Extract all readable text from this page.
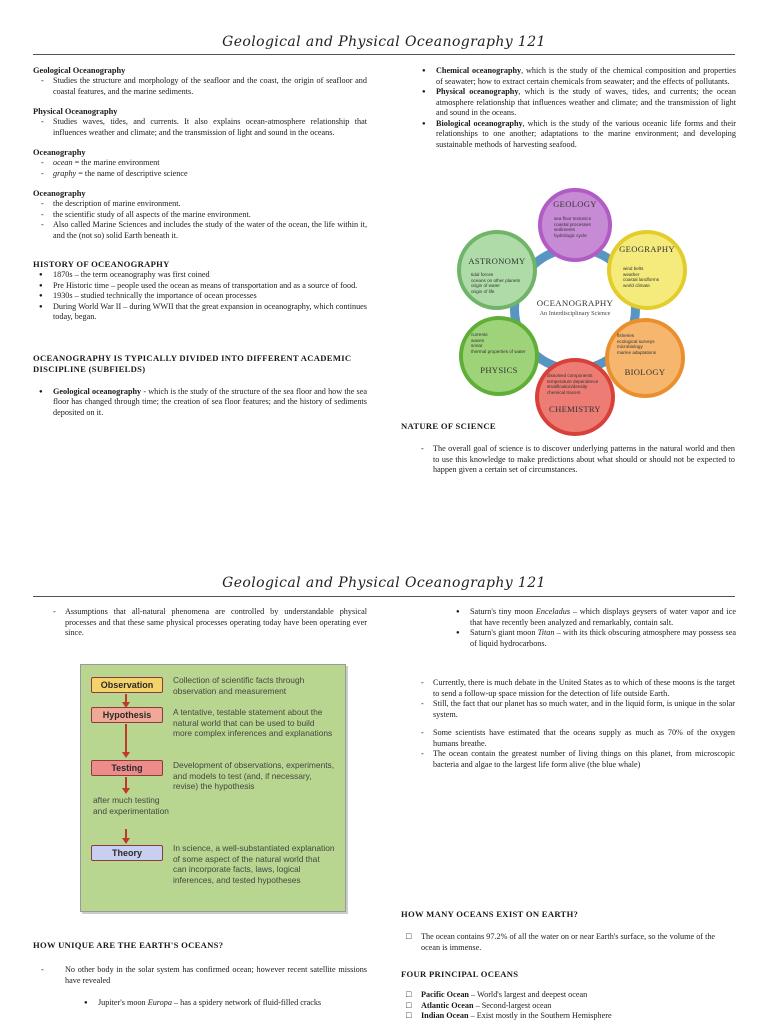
Geological and Physical Oceanography 121

Geological Oceanography

- Studies the structure and morphology of the seafloor and the coast, the origin of seafloor and coastal features, and the marine sediments.

Physical Oceanography

- Studies waves, tides, and currents. It also explains ocean-atmosphere relationship that influences weather and climate; and the transmission of light and sound in the oceans.

Oceanography

- ocean = the marine environment

- graphy = the name of descriptive science

Oceanography

- the description of marine environment.

- the scientific study of all aspects of the marine environment.

- Also called Marine Sciences and includes the study of the water of the ocean, the life within it, and the (not so) solid Earth beneath it.

HISTORY OF OCEANOGRAPHY

● 1870s – the term oceanography was first coined

● Pre Historic time – people used the ocean as means of transportation and as a source of food.

● 1930s – studied technically the importance of ocean processes

● During World War II – during WWII that the great expansion in oceanography, which continues today, began.

OCEANOGRAPHY IS TYPICALLY DIVIDED INTO DIFFERENT ACADEMIC DISCIPLINE (SUBFIELDS)

● Geological oceanography - which is the study of the structure of the sea floor and how the sea floor has changed through time; the creation of sea floor features; and the history of sediments deposited on it.

● Chemical oceanography, which is the study of the chemical composition and properties of seawater; how to extract certain chemicals from seawater; and the effects of pollutants.

● Physical oceanography, which is the study of waves, tides, and currents; the ocean atmosphere relationship that influences weather and climate; and the transmission of light and sound in the oceans.

● Biological oceanography, which is the study of the various oceanic life forms and their relationships to one another; adaptations to the marine environment; and developing sustainable methods of harvesting seafood.

GEOLOGY
sea floor tectonics
coastal processes
sediments
hydrologic cycle
GEOGRAPHY
wind belts
weather
coastal landforms
world climate
fisheries
ecological surveys
microbiology
marine adaptations
BIOLOGY
dissolved components
temperature dependence
stratification/density
chemical tracers
CHEMISTRY
currents
waves
sonar
thermal properties of water
PHYSICS
ASTRONOMY
tidal forces
oceans on other planets
origin of water
origin of life
OCEANOGRAPHY
An Interdisciplinary Science

NATURE OF SCIENCE

- The overall goal of science is to discover underlying patterns in the natural world and then to use this knowledge to make predictions about what should or should not be expected to happen given a certain set of circumstances.

Geological and Physical Oceanography 121

- Assumptions that all-natural phenomena are controlled by understandable physical processes and that these same physical processes operating today have been operating ever since.

Observation	Collection of scientific facts through observation and measurement
Hypothesis	A tentative, testable statement about the natural world that can be used to build more complex inferences and explanations
Testing	Development of observations, experiments, and models to test (and, if necessary, revise) the hypothesis
after much testing and experimentation
Theory	In science, a well-substantiated explanation of some aspect of the natural world that can incorporate facts, laws, logical inferences, and tested hypotheses

HOW UNIQUE ARE THE EARTH'S OCEANS?

- No other body in the solar system has confirmed ocean; however recent satellite missions have revealed

● Jupiter's moon Europa – has a spidery network of fluid-filled cracks

● Saturn's tiny moon Enceladus – which displays geysers of water vapor and ice that have recently been analyzed and remarkably, contain salt.

● Saturn's giant moon Titan – with its thick obscuring atmosphere may possess sea of liquid hydrocarbons.

- Currently, there is much debate in the United States as to which of these moons is the target to send a follow-up space mission for the detection of life outside Earth.

- Still, the fact that our planet has so much water, and in the liquid form, is unique in the solar system.

- Some scientists have estimated that the oceans supply as much as 70% of the oxygen humans breathe.

- The ocean contain the greatest number of living things on this planet, from microscopic bacteria and algae to the largest life form alive (the blue whale)

HOW MANY OCEANS EXIST ON EARTH?

□ The ocean contains 97.2% of all the water on or near Earth's surface, so the volume of the ocean is immense.

FOUR PRINCIPAL OCEANS

□ Pacific Ocean – World's largest and deepest ocean

□ Atlantic Ocean – Second-largest ocean

□ Indian Ocean – Exist mostly in the Southern Hemisphere
